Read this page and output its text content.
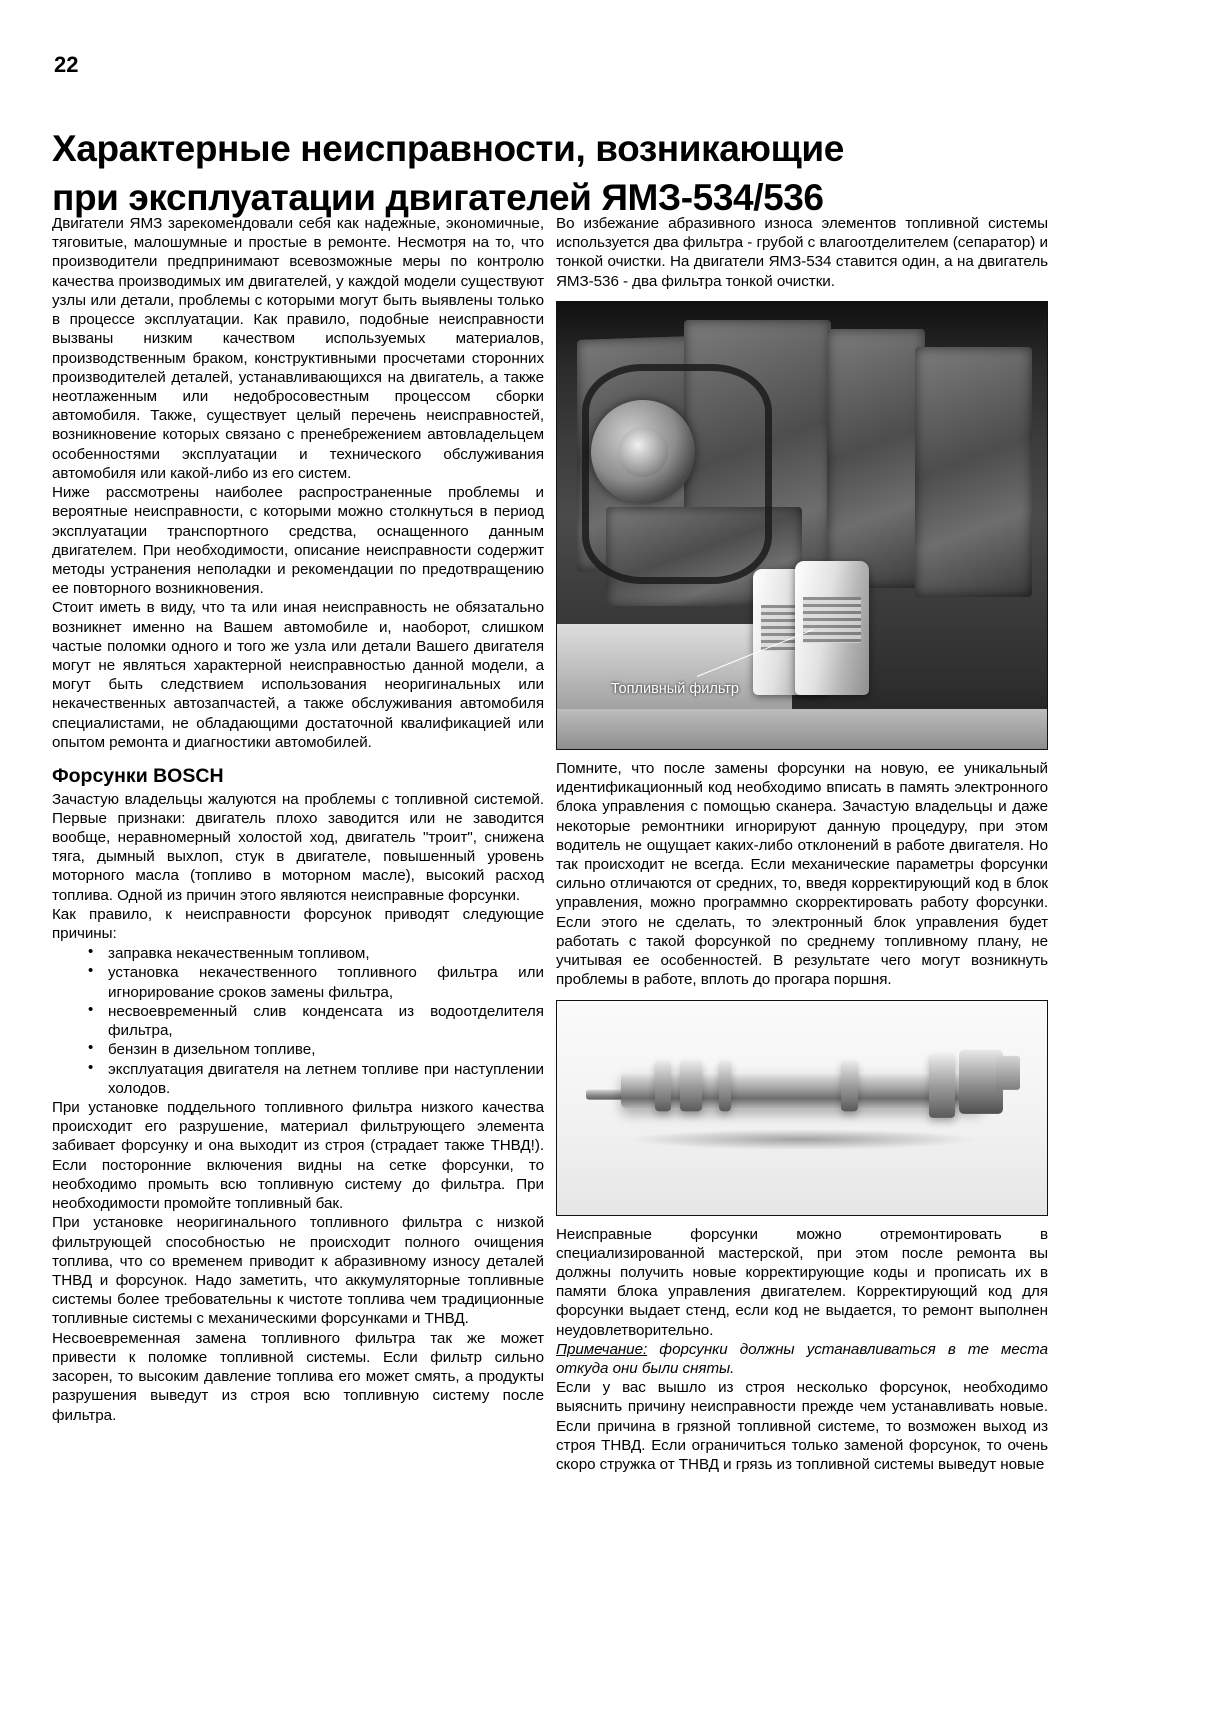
22
Характерные неисправности, возникающие
при эксплуатации двигателей ЯМЗ-534/536

Двигатели ЯМЗ зарекомендовали себя как надежные, экономичные, тяговитые, малошумные и простые в ремонте. Несмотря на то, что производители предпринимают всевозможные меры по контролю качества производимых им двигателей, у каждой модели существуют узлы или детали, проблемы с которыми могут быть выявлены только в процессе эксплуатации. Как правило, подобные неисправности вызваны низким качеством используемых материалов, производственным браком, конструктивными просчетами сторонних производителей деталей, устанавливающихся на двигатель, а также неотлаженным или недобросовестным процессом сборки автомобиля. Также, существует целый перечень неисправностей, возникновение которых связано с пренебрежением автовладельцем особенностями эксплуатации и технического обслуживания автомобиля или какой-либо из его систем.

Ниже рассмотрены наиболее распространенные проблемы и вероятные неисправности, с которыми можно столкнуться в период эксплуатации транспортного средства, оснащенного данным двигателем. При необходимости, описание неисправности содержит методы устранения неполадки и рекомендации по предотвращению ее повторного возникновения.

Стоит иметь в виду, что та или иная неисправность не обязатально возникнет именно на Вашем автомобиле и, наоборот, слишком частые поломки одного и того же узла или детали Вашего двигателя могут не являться характерной неисправностью данной модели, а могут быть следствием использования неоригинальных или некачественных автозапчастей, а также обслуживания автомобиля специалистами, не обладающими достаточной квалификацией или опытом ремонта и диагностики автомобилей.

Форсунки BOSCH

Зачастую владельцы жалуются на проблемы с топливной системой. Первые признаки: двигатель плохо заводится или не заводится вообще, неравномерный холостой ход, двигатель "троит", снижена тяга, дымный выхлоп, стук в двигателе, повышенный уровень моторного масла (топливо в моторном масле), высокий расход топлива. Одной из причин этого являются неисправные форсунки.

Как правило, к неисправности форсунок приводят следующие причины:

• заправка некачественным топливом,
• установка некачественного топливного фильтра или игнорирование сроков замены фильтра,
• несвоевременный слив конденсата из водоотделителя фильтра,
• бензин в дизельном топливе,
• эксплуатация двигателя на летнем топливе при наступлении холодов.

При установке поддельного топливного фильтра низкого качества происходит его разрушение, материал фильтрующего элемента забивает форсунку и она выходит из строя (страдает также ТНВД!). Если посторонние включения видны на сетке форсунки, то необходимо промыть всю топливную систему до фильтра. При необходимости промойте топливный бак.

При установке неоригинального топливного фильтра с низкой фильтрующей способностью не происходит полного очищения топлива, что со временем приводит к абразивному износу деталей ТНВД и форсунок. Надо заметить, что аккумуляторные топливные системы более требовательны к чистоте топлива чем традиционные топливные системы с механическими форсунками и ТНВД.

Несвоевременная замена топливного фильтра так же может привести к поломке топливной системы. Если фильтр сильно засорен, то высоким давление топлива его может смять, а продукты разрушения выведут из строя всю топливную систему после фильтра.

Во избежание абразивного износа элементов топливной системы используется два фильтра - грубой с влагоотделителем (сепаратор) и тонкой очистки. На двигатели ЯМЗ-534 ставится один, а на двигатель ЯМЗ-536 - два фильтра тонкой очистки.

Топливный фильтр

Помните, что после замены форсунки на новую, ее уникальный идентификационный код необходимо вписать в память электронного блока управления с помощью сканера. Зачастую владельцы и даже некоторые ремонтники игнорируют данную процедуру, при этом водитель не ощущает каких-либо отклонений в работе двигателя. Но так происходит не всегда. Если механические параметры форсунки сильно отличаются от средних, то, введя корректирующий код в блок управления, можно программно скорректировать работу форсунки. Если этого не сделать, то электронный блок управления будет работать с такой форсункой по среднему топливному плану, не учитывая ее особенностей. В результате чего могут возникнуть проблемы в работе, вплоть до прогара поршня.

Неисправные форсунки можно отремонтировать в специализированной мастерской, при этом после ремонта вы должны получить новые корректирующие коды и прописать их в памяти блока управления двигателем. Корректирующий код для форсунки выдает стенд, если код не выдается, то ремонт выполнен неудовлетворительно.

Примечание: форсунки должны устанавливаться в те места откуда они были сняты.

Если у вас вышло из строя несколько форсунок, необходимо выяснить причину неисправности прежде чем устанавливать новые. Если причина в грязной топливной системе, то возможен выход из строя ТНВД. Если ограничиться только заменой форсунок, то очень скоро стружка от ТНВД и грязь из топливной системы выведут новые
